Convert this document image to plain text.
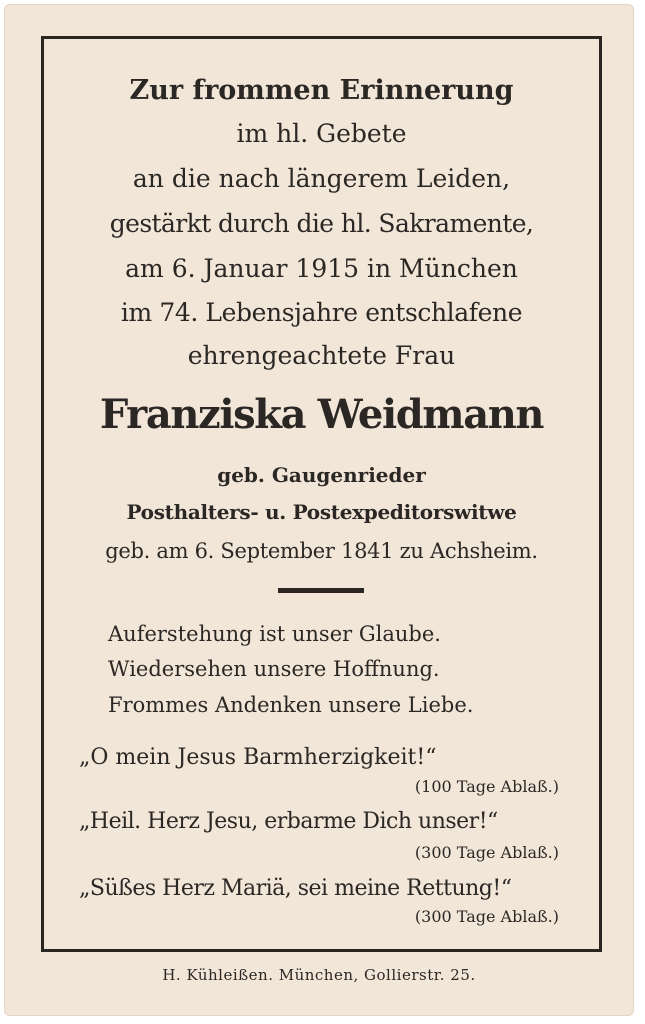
Zur frommen Erinnerung
im hl. Gebete
an die nach längerem Leiden,
gestärkt durch die hl. Sakramente,
am 6. Januar 1915 in München
im 74. Lebensjahre entschlafene
ehrengeachtete Frau
Franziska Weidmann
geb. Gaugenrieder
Posthalters- u. Postexpeditorswitwe
geb. am 6. September 1841 zu Achsheim.
Auferstehung ist unser Glaube.
Wiedersehen unsere Hoffnung.
Frommes Andenken unsere Liebe.
„O mein Jesus Barmherzigkeit!“
(100 Tage Ablaß.)
„Heil. Herz Jesu, erbarme Dich unser!“
(300 Tage Ablaß.)
„Süßes Herz Mariä, sei meine Rettung!“
(300 Tage Ablaß.)
H. Kühleißen. München, Gollierstr. 25.
